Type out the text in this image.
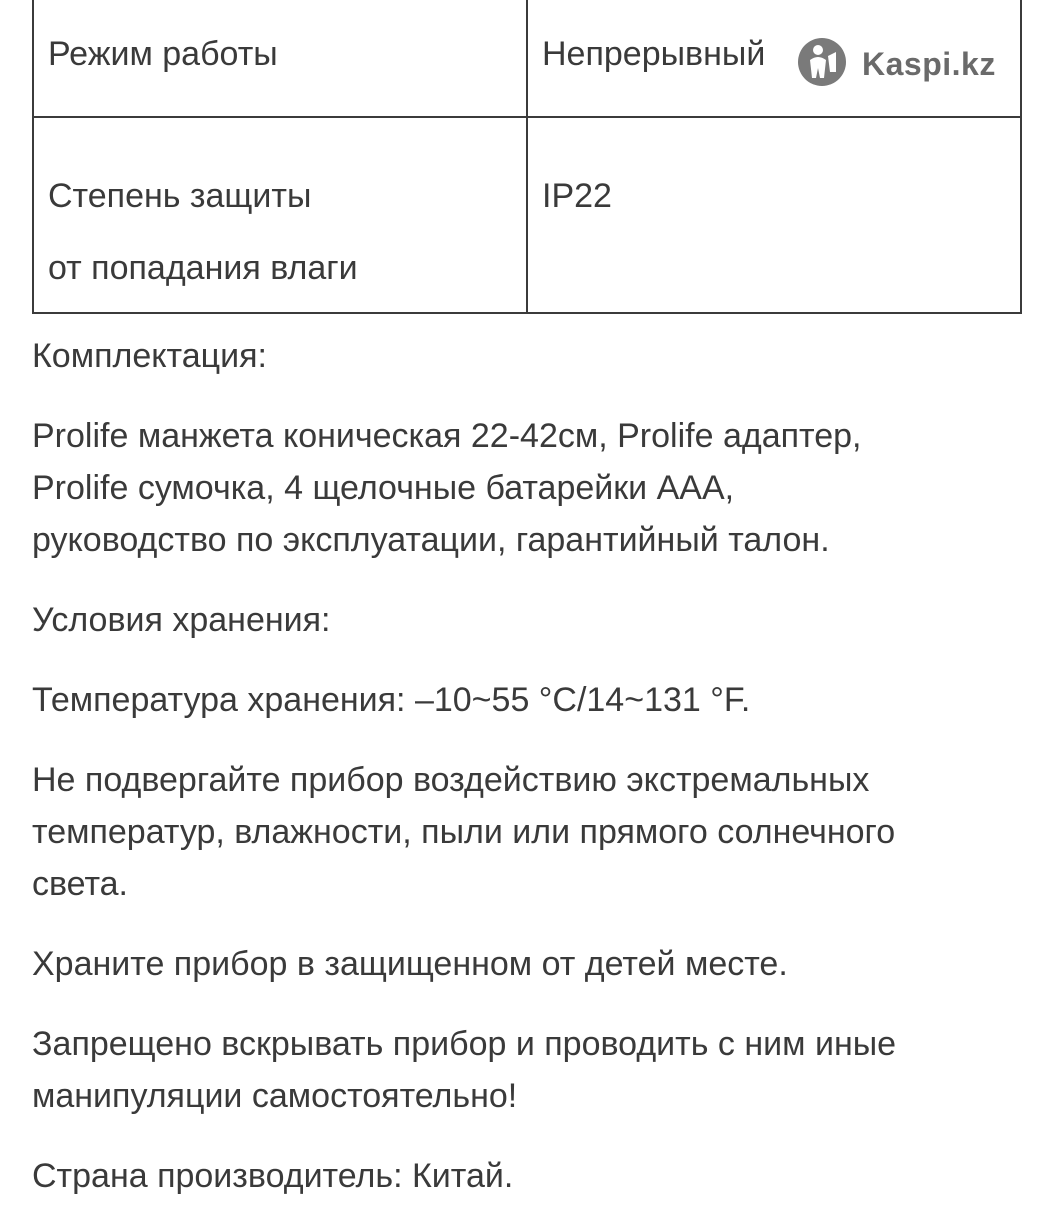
Режим работы	Непрерывный

Степень защиты
от попадания влаги	IP22
Kaspi.kz

Комплектация:

Prolife манжета коническая 22-42см, Prolife адаптер,
Prolife сумочка, 4 щелочные батарейки AAA,
руководство по эксплуатации, гарантийный талон.

Условия хранения:

Температура хранения: –10~55 °C/14~131 °F.

Не подвергайте прибор воздействию экстремальных
температур, влажности, пыли или прямого солнечного
света.

Храните прибор в защищенном от детей месте.

Запрещено вскрывать прибор и проводить с ним иные
манипуляции самостоятельно!

Страна производитель: Китай.
